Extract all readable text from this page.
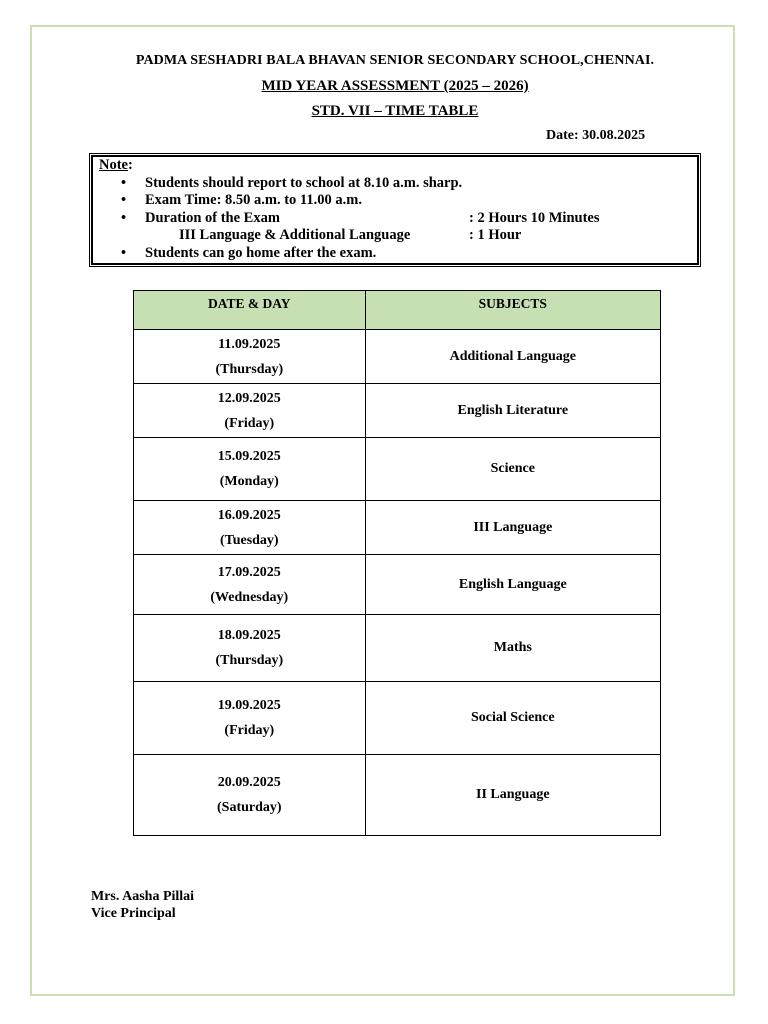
PADMA SESHADRI BALA BHAVAN SENIOR SECONDARY SCHOOL,CHENNAI.
MID YEAR ASSESSMENT (2025 – 2026)
STD. VII – TIME TABLE
Date: 30.08.2025
Note:
• Students should report to school at 8.10 a.m. sharp.
• Exam Time: 8.50 a.m. to 11.00 a.m.
• Duration of the Exam	: 2 Hours 10 Minutes
III Language & Additional Language	: 1 Hour
• Students can go home after the exam.
DATE & DAY	SUBJECTS

11.09.2025
(Thursday)	Additional Language

12.09.2025
(Friday)	English Literature

15.09.2025
(Monday)	Science

16.09.2025
(Tuesday)	III Language

17.09.2025
(Wednesday)	English Language

18.09.2025
(Thursday)	Maths

19.09.2025
(Friday)	Social Science

20.09.2025
(Saturday)	II Language
Mrs. Aasha Pillai
Vice Principal
